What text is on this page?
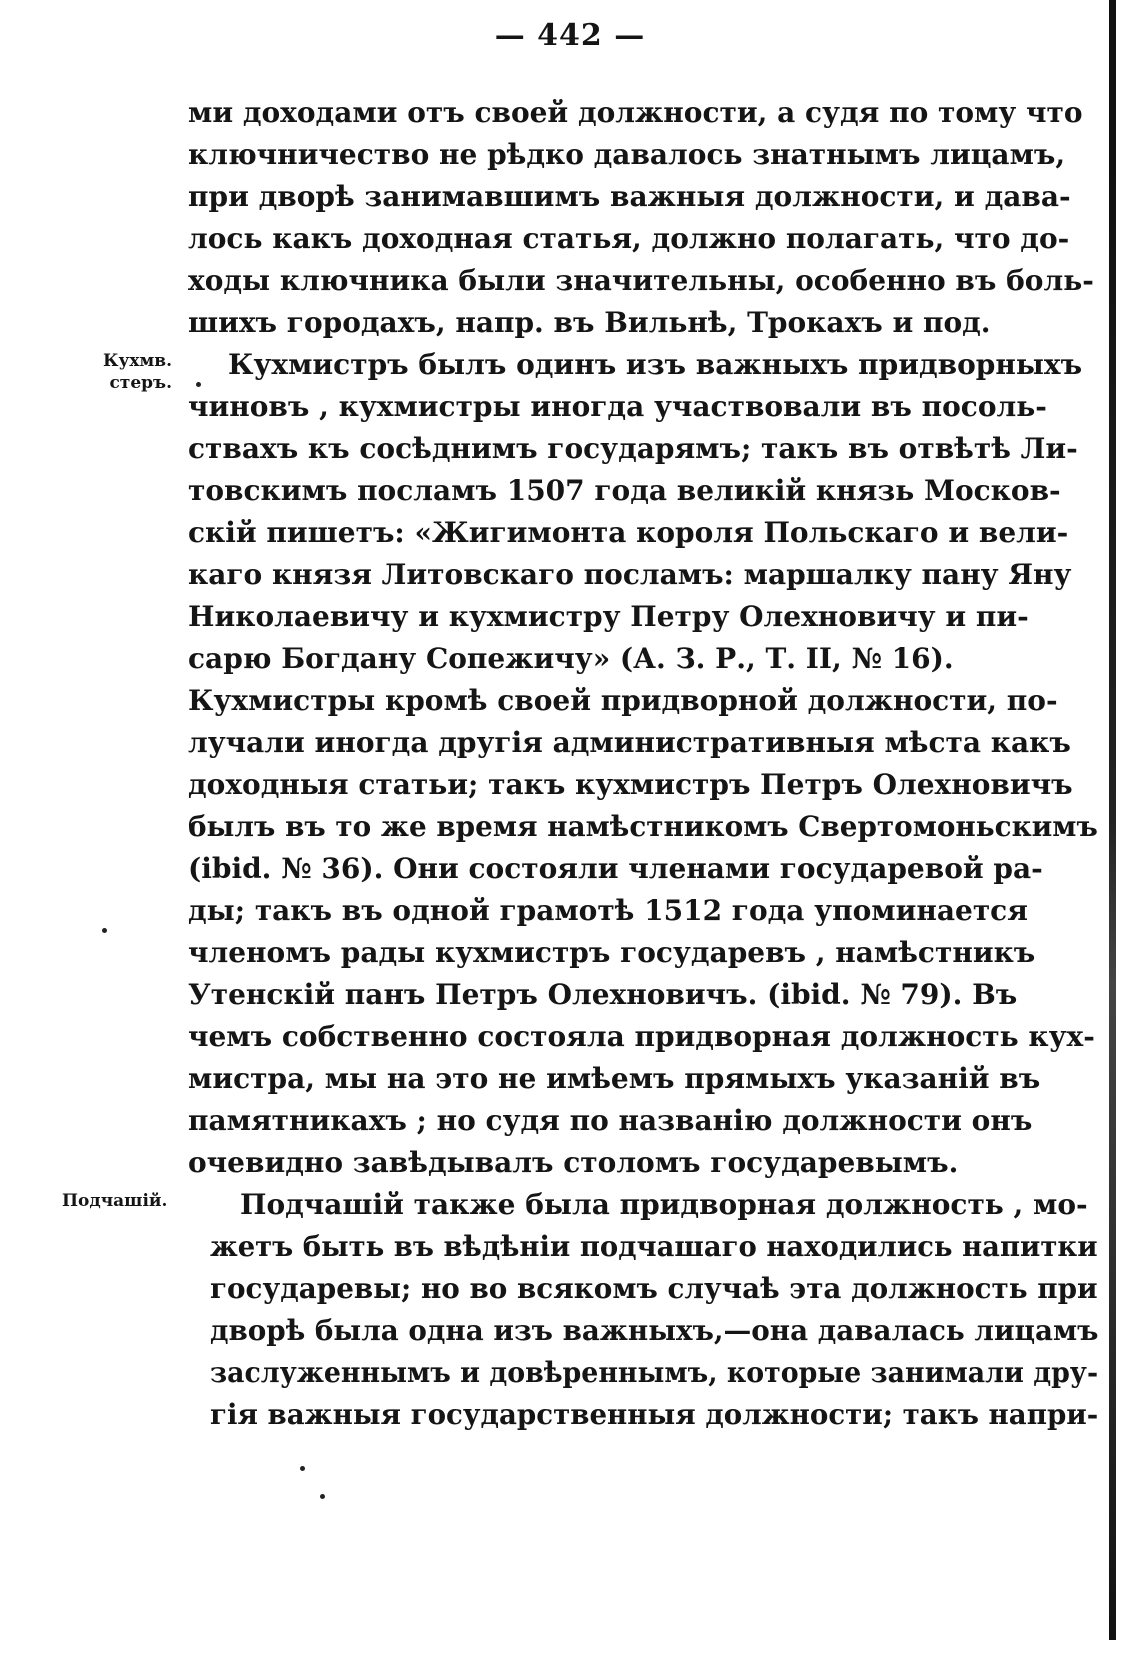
— 442 —
Кухмв. стеръ.
Подчашій.
ми доходами отъ своей должности, а судя по тому что
ключничество не рѣдко давалось знатнымъ лицамъ,
при дворѣ занимавшимъ важныя должности, и дава-
лось какъ доходная статья, должно полагать, что до-
ходы ключника были значительны, особенно въ боль-
шихъ городахъ, напр. въ Вильнѣ, Трокахъ и под.
Кухмистръ былъ одинъ изъ важныхъ придворныхъ
чиновъ , кухмистры иногда участвовали въ посоль-
ствахъ къ сосѣднимъ государямъ; такъ въ отвѣтѣ Ли-
товскимъ посламъ 1507 года великій князь Москов-
скій пишетъ: «Жигимонта короля Польскаго и вели-
каго князя Литовскаго посламъ: маршалку пану Яну
Николаевичу и кухмистру Петру Олехновичу и пи-
сарю Богдану Сопежичу» (А. З. Р., Т. II, № 16).
Кухмистры кромѣ своей придворной должности, по-
лучали иногда другія административныя мѣста какъ
доходныя статьи; такъ кухмистръ Петръ Олехновичъ
былъ въ то же время намѣстникомъ Свертомоньскимъ
(ibid. № 36). Они состояли членами государевой ра-
ды; такъ въ одной грамотѣ 1512 года упоминается
членомъ рады кухмистръ государевъ , намѣстникъ
Утенскій панъ Петръ Олехновичъ. (ibid. № 79). Въ
чемъ собственно состояла придворная должность кух-
мистра, мы на это не имѣемъ прямыхъ указаній въ
памятникахъ ; но судя по названію должности онъ
очевидно завѣдывалъ столомъ государевымъ.
Подчашій также была придворная должность , мо-
жетъ быть въ вѣдѣніи подчашаго находились напитки
государевы; но во всякомъ случаѣ эта должность при
дворѣ была одна изъ важныхъ,—она давалась лицамъ
заслуженнымъ и довѣреннымъ, которые занимали дру-
гія важныя государственныя должности; такъ напри-
